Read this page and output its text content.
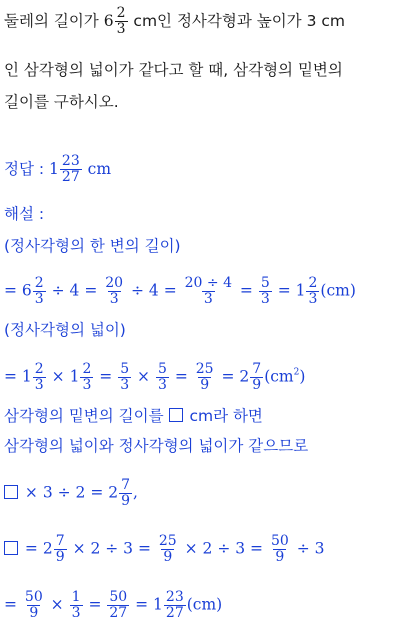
둘레의 길이가 $6 \frac{2}{3}$ cm인 정사각형과 높이가 3 cm
인 삼각형의 넓이가 같다고 할 때, 삼각형의 밑변의
길이를 구하시오.
정답 : $1 \frac{23}{27}$ cm
해설 :
(정사각형의 한 변의 길이)
= $6 \frac{2}{3} \div 4 = \frac{20}{3} \div 4 = \frac{20 \div 4}{3} = \frac{5}{3} = 1 \frac{2}{3} (cm)$
(정사각형의 넓이)
= $1 \frac{2}{3} \times 1 \frac{2}{3} = \frac{5}{3} \times \frac{5}{3} = \frac{25}{9} = 2 \frac{7}{9} (cm^2)$
삼각형의 밑변의 길이를  cm라 하면
삼각형의 넓이와 정사각형의 넓이가 같으므로
× $3 \div 2 = 2 \frac{7}{9}$ ,
= $2 \frac{7}{9} \times 2 \div 3 = \frac{25}{9} \times 2 \div 3 = \frac{50}{9} \div 3$
= $\frac{50}{9} \times \frac{1}{3} = \frac{50}{27} = 1 \frac{23}{27} (cm)$
